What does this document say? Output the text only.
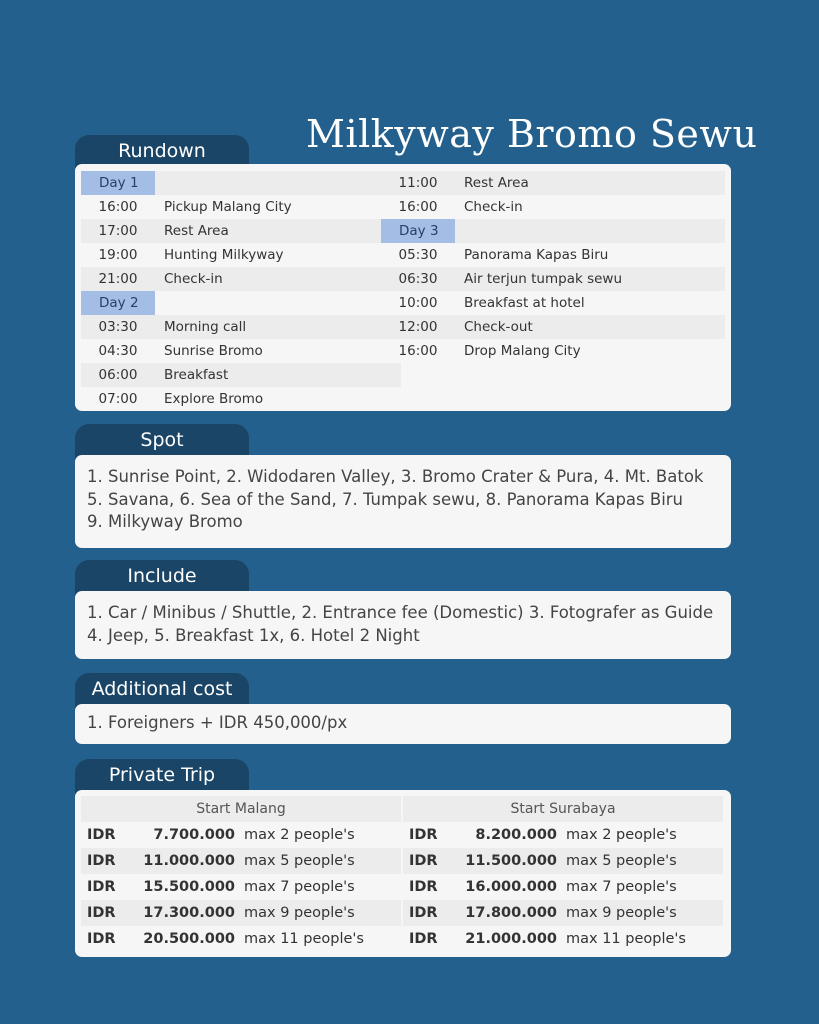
Milkyway Bromo Sewu
Rundown
Day 1
16:00	Pickup Malang City
17:00	Rest Area
19:00	Hunting Milkyway
21:00	Check-in
Day 2
03:30	Morning call
04:30	Sunrise Bromo
06:00	Breakfast
07:00	Explore Bromo
11:00	Rest Area
16:00	Check-in
Day 3
05:30	Panorama Kapas Biru
06:30	Air terjun tumpak sewu
10:00	Breakfast at hotel
12:00	Check-out
16:00	Drop Malang City
Spot
1. Sunrise Point, 2. Widodaren Valley, 3. Bromo Crater & Pura, 4. Mt. Batok
5. Savana, 6. Sea of the Sand, 7. Tumpak sewu, 8. Panorama Kapas Biru
9. Milkyway Bromo
Include
1. Car / Minibus / Shuttle, 2. Entrance fee (Domestic) 3. Fotografer as Guide
4. Jeep, 5. Breakfast 1x, 6. Hotel 2 Night
Additional cost
1. Foreigners + IDR 450,000/px
Private Trip
Start Malang
IDR	7.700.000 max 2 people's
IDR 11.000.000 max 5 people's
IDR 15.500.000 max 7 people's
IDR 17.300.000 max 9 people's
IDR 20.500.000 max 11 people's
Start Surabaya
IDR	8.200.000 max 2 people's
IDR 11.500.000 max 5 people's
IDR 16.000.000 max 7 people's
IDR 17.800.000 max 9 people's
IDR 21.000.000 max 11 people's
